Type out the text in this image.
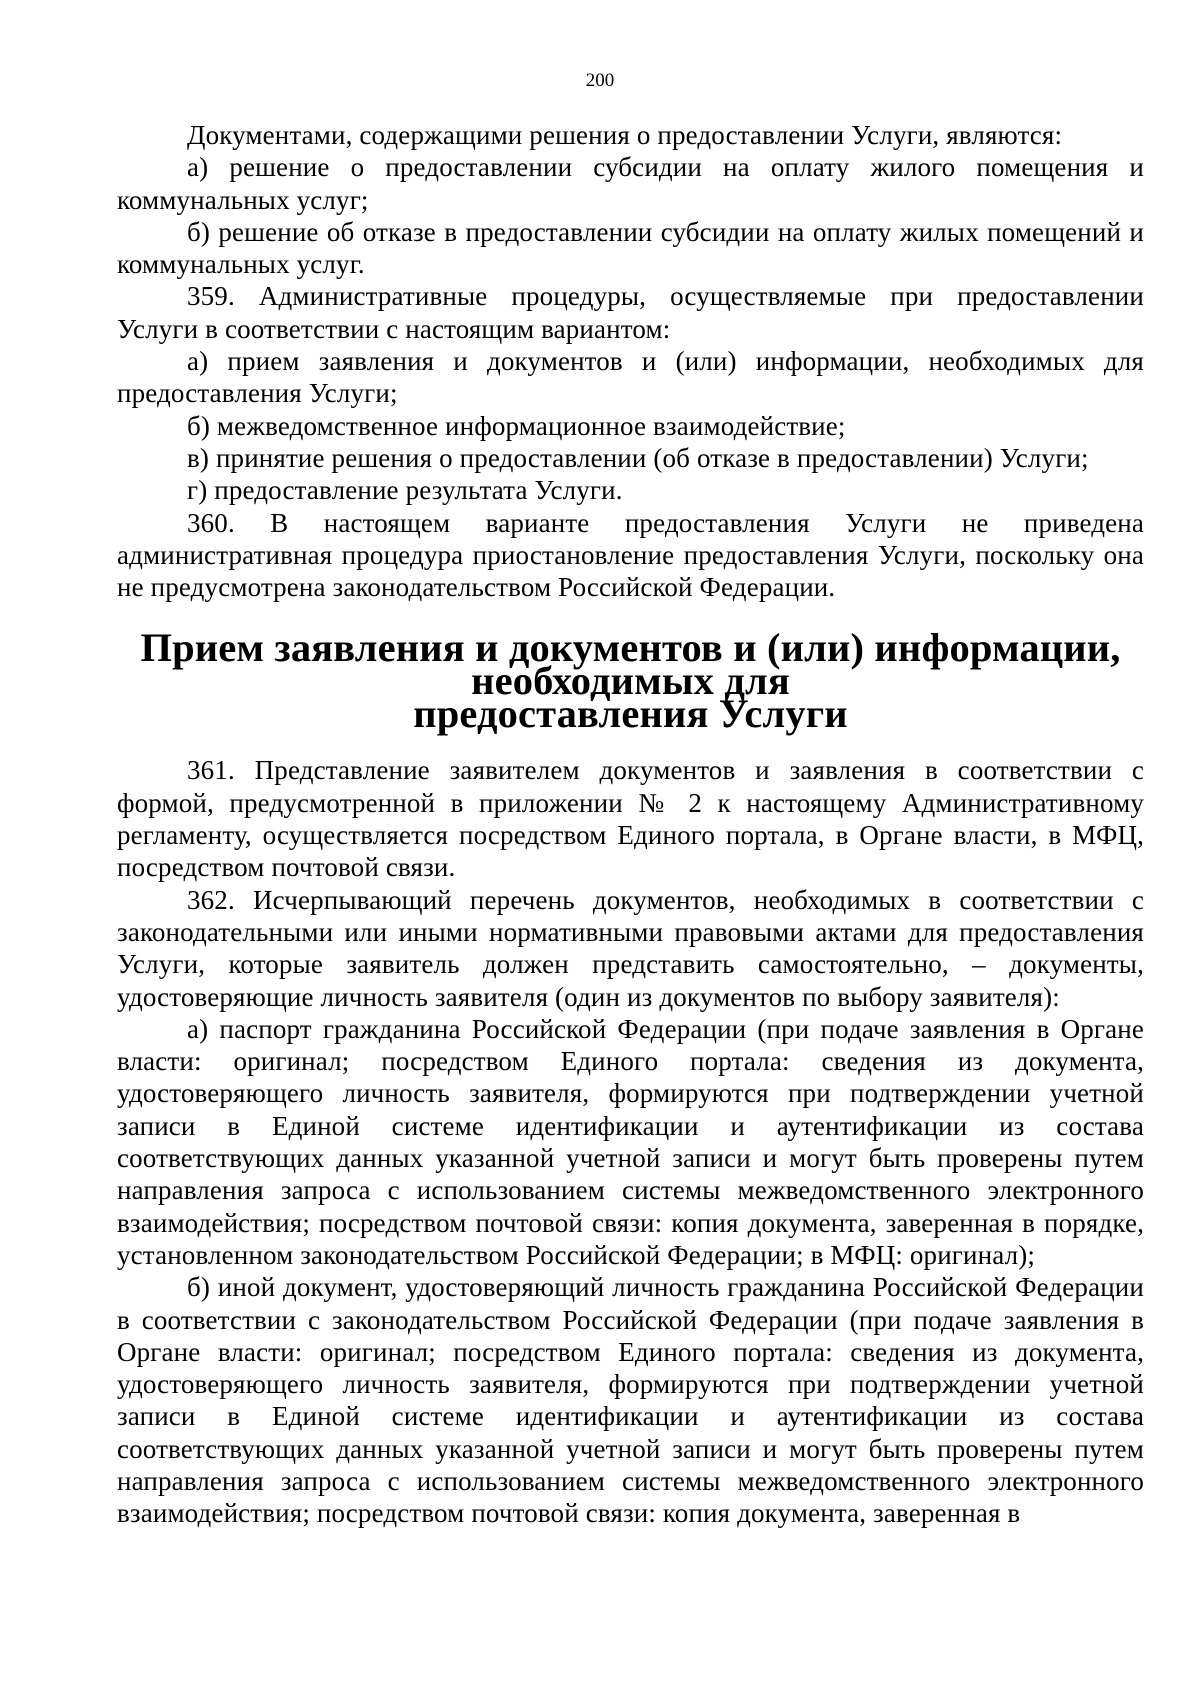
200

Документами, содержащими решения о предоставлении Услуги, являются:

а) решение о предоставлении субсидии на оплату жилого помещения и коммунальных услуг;

б) решение об отказе в предоставлении субсидии на оплату жилых помещений и коммунальных услуг.

359. Административные процедуры, осуществляемые при предоставлении Услуги в соответствии с настоящим вариантом:

а) прием заявления и документов и (или) информации, необходимых для предоставления Услуги;

б) межведомственное информационное взаимодействие;

в) принятие решения о предоставлении (об отказе в предоставлении) Услуги;

г) предоставление результата Услуги.

360. В настоящем варианте предоставления Услуги не приведена административная процедура приостановление предоставления Услуги, поскольку она не предусмотрена законодательством Российской Федерации.

Прием заявления и документов и (или) информации, необходимых для
предоставления Услуги

361. Представление заявителем документов и заявления в соответствии с формой, предусмотренной в приложении № 2 к настоящему Административному регламенту, осуществляется посредством Единого портала, в Органе власти, в МФЦ, посредством почтовой связи.

362. Исчерпывающий перечень документов, необходимых в соответствии с законодательными или иными нормативными правовыми актами для предоставления Услуги, которые заявитель должен представить самостоятельно, – документы, удостоверяющие личность заявителя (один из документов по выбору заявителя):

а) паспорт гражданина Российской Федерации (при подаче заявления в Органе власти: оригинал; посредством Единого портала: сведения из документа, удостоверяющего личность заявителя, формируются при подтверждении учетной записи в Единой системе идентификации и аутентификации из состава соответствующих данных указанной учетной записи и могут быть проверены путем направления запроса с использованием системы межведомственного электронного взаимодействия; посредством почтовой связи: копия документа, заверенная в порядке, установленном законодательством Российской Федерации; в МФЦ: оригинал);

б) иной документ, удостоверяющий личность гражданина Российской Федерации в соответствии с законодательством Российской Федерации (при подаче заявления в Органе власти: оригинал; посредством Единого портала: сведения из документа, удостоверяющего личность заявителя, формируются при подтверждении учетной записи в Единой системе идентификации и аутентификации из состава соответствующих данных указанной учетной записи и могут быть проверены путем направления запроса с использованием системы межведомственного электронного взаимодействия; посредством почтовой связи: копия документа, заверенная в
